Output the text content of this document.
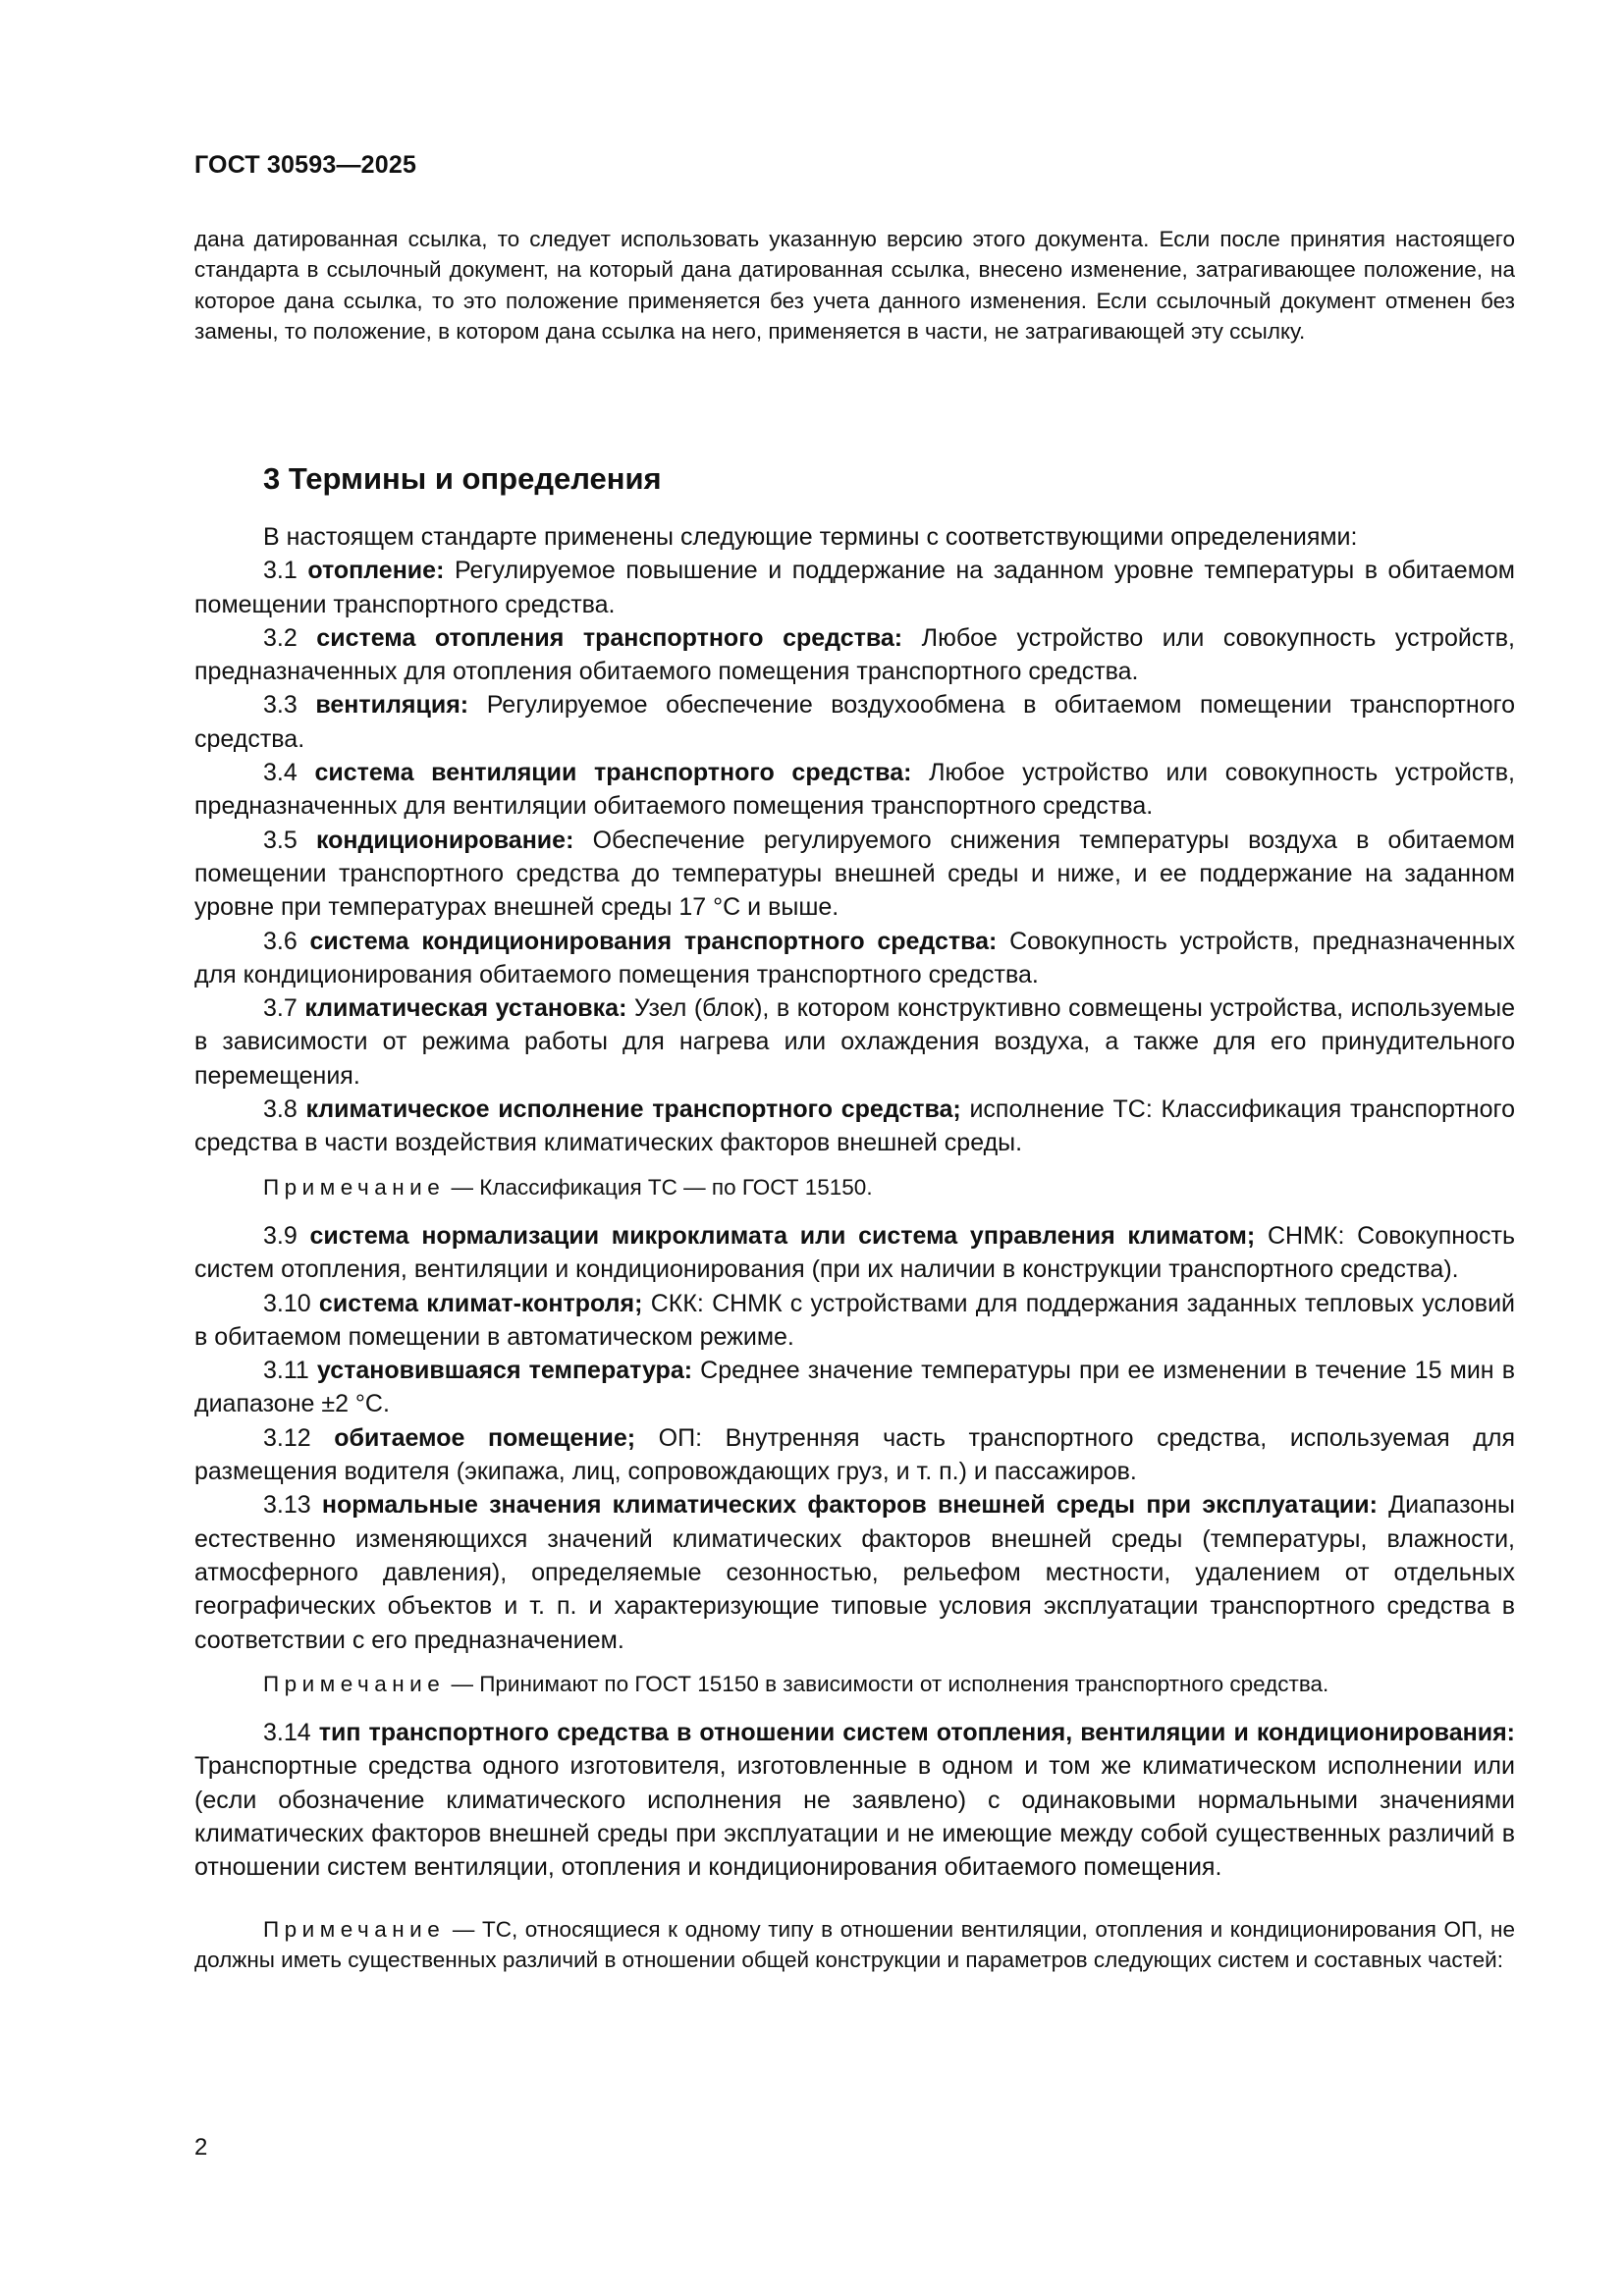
ГОСТ 30593—2025
дана датированная ссылка, то следует использовать указанную версию этого документа. Если после принятия настоящего стандарта в ссылочный документ, на который дана датированная ссылка, внесено изменение, затрагивающее положение, на которое дана ссылка, то это положение применяется без учета данного изменения. Если ссылочный документ отменен без замены, то положение, в котором дана ссылка на него, применяется в части, не затрагивающей эту ссылку.
3 Термины и определения

В настоящем стандарте применены следующие термины с соответствующими определениями:

3.1 отопление: Регулируемое повышение и поддержание на заданном уровне температуры в обитаемом помещении транспортного средства.

3.2 система отопления транспортного средства: Любое устройство или совокупность устройств, предназначенных для отопления обитаемого помещения транспортного средства.

3.3 вентиляция: Регулируемое обеспечение воздухообмена в обитаемом помещении транспортного средства.

3.4 система вентиляции транспортного средства: Любое устройство или совокупность устройств, предназначенных для вентиляции обитаемого помещения транспортного средства.

3.5 кондиционирование: Обеспечение регулируемого снижения температуры воздуха в обитаемом помещении транспортного средства до температуры внешней среды и ниже, и ее поддержание на заданном уровне при температурах внешней среды 17 °С и выше.

3.6 система кондиционирования транспортного средства: Совокупность устройств, предназначенных для кондиционирования обитаемого помещения транспортного средства.

3.7 климатическая установка: Узел (блок), в котором конструктивно совмещены устройства, используемые в зависимости от режима работы для нагрева или охлаждения воздуха, а также для его принудительного перемещения.

3.8 климатическое исполнение транспортного средства; исполнение ТС: Классификация транспортного средства в части воздействия климатических факторов внешней среды.

Примечание — Классификация ТС — по ГОСТ 15150.

3.9 система нормализации микроклимата или система управления климатом; СНМК: Совокупность систем отопления, вентиляции и кондиционирования (при их наличии в конструкции транспортного средства).

3.10 система климат-контроля; СКК: СНМК с устройствами для поддержания заданных тепловых условий в обитаемом помещении в автоматическом режиме.

3.11 установившаяся температура: Среднее значение температуры при ее изменении в течение 15 мин в диапазоне ±2 °С.

3.12 обитаемое помещение; ОП: Внутренняя часть транспортного средства, используемая для размещения водителя (экипажа, лиц, сопровождающих груз, и т. п.) и пассажиров.

3.13 нормальные значения климатических факторов внешней среды при эксплуатации: Диапазоны естественно изменяющихся значений климатических факторов внешней среды (температуры, влажности, атмосферного давления), определяемые сезонностью, рельефом местности, удалением от отдельных географических объектов и т. п. и характеризующие типовые условия эксплуатации транспортного средства в соответствии с его предназначением.

Примечание — Принимают по ГОСТ 15150 в зависимости от исполнения транспортного средства.

3.14 тип транспортного средства в отношении систем отопления, вентиляции и кондиционирования: Транспортные средства одного изготовителя, изготовленные в одном и том же климатическом исполнении или (если обозначение климатического исполнения не заявлено) с одинаковыми нормальными значениями климатических факторов внешней среды при эксплуатации и не имеющие между собой существенных различий в отношении систем вентиляции, отопления и кондиционирования обитаемого помещения.

Примечание — ТС, относящиеся к одному типу в отношении вентиляции, отопления и кондиционирования ОП, не должны иметь существенных различий в отношении общей конструкции и параметров следующих систем и составных частей:

2
